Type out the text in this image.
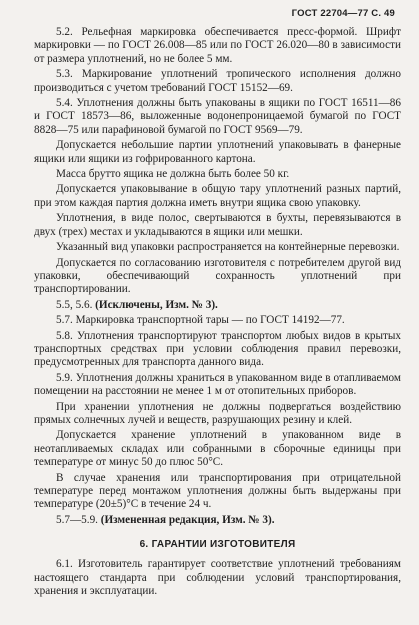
ГОСТ 22704—77 С. 49

5.2. Рельефная маркировка обеспечивается пресс-формой. Шрифт маркировки — по ГОСТ 26.008—85 или по ГОСТ 26.020—80 в зависимости от размера уплотнений, но не более 5 мм.

5.3. Маркирование уплотнений тропического исполнения должно производиться с учетом требований ГОСТ 15152—69.

5.4. Уплотнения должны быть упакованы в ящики по ГОСТ 16511—86 и ГОСТ 18573—86, выложенные водонепроницаемой бумагой по ГОСТ 8828—75 или парафиновой бумагой по ГОСТ 9569—79.

Допускается небольшие партии уплотнений упаковывать в фанерные ящики или ящики из гофрированного картона.

Масса брутто ящика не должна быть более 50 кг.

Допускается упаковывание в общую тару уплотнений разных партий, при этом каждая партия должна иметь внутри ящика свою упаковку.

Уплотнения, в виде полос, свертываются в бухты, перевязываются в двух (трех) местах и укладываются в ящики или мешки.

Указанный вид упаковки распространяется на контейнерные перевозки.

Допускается по согласованию изготовителя с потребителем другой вид упаковки, обеспечивающий сохранность уплотнений при транспортировании.

5.5, 5.6. (Исключены, Изм. № 3).

5.7. Маркировка транспортной тары — по ГОСТ 14192—77.

5.8. Уплотнения транспортируют транспортом любых видов в крытых транспортных средствах при условии соблюдения правил перевозки, предусмотренных для транспорта данного вида.

5.9. Уплотнения должны храниться в упакованном виде в отапливаемом помещении на расстоянии не менее 1 м от отопительных приборов.

При хранении уплотнения не должны подвергаться воздействию прямых солнечных лучей и веществ, разрушающих резину и клей.

Допускается хранение уплотнений в упакованном виде в неотапливаемых складах или собранными в сборочные единицы при температуре от минус 50 до плюс 50°С.

В случае хранения или транспортирования при отрицательной температуре перед монтажом уплотнения должны быть выдержаны при температуре (20±5)°С в течение 24 ч.

5.7—5.9. (Измененная редакция, Изм. № 3).

6. ГАРАНТИИ ИЗГОТОВИТЕЛЯ

6.1. Изготовитель гарантирует соответствие уплотнений требованиям настоящего стандарта при соблюдении условий транспортирования, хранения и эксплуатации.
